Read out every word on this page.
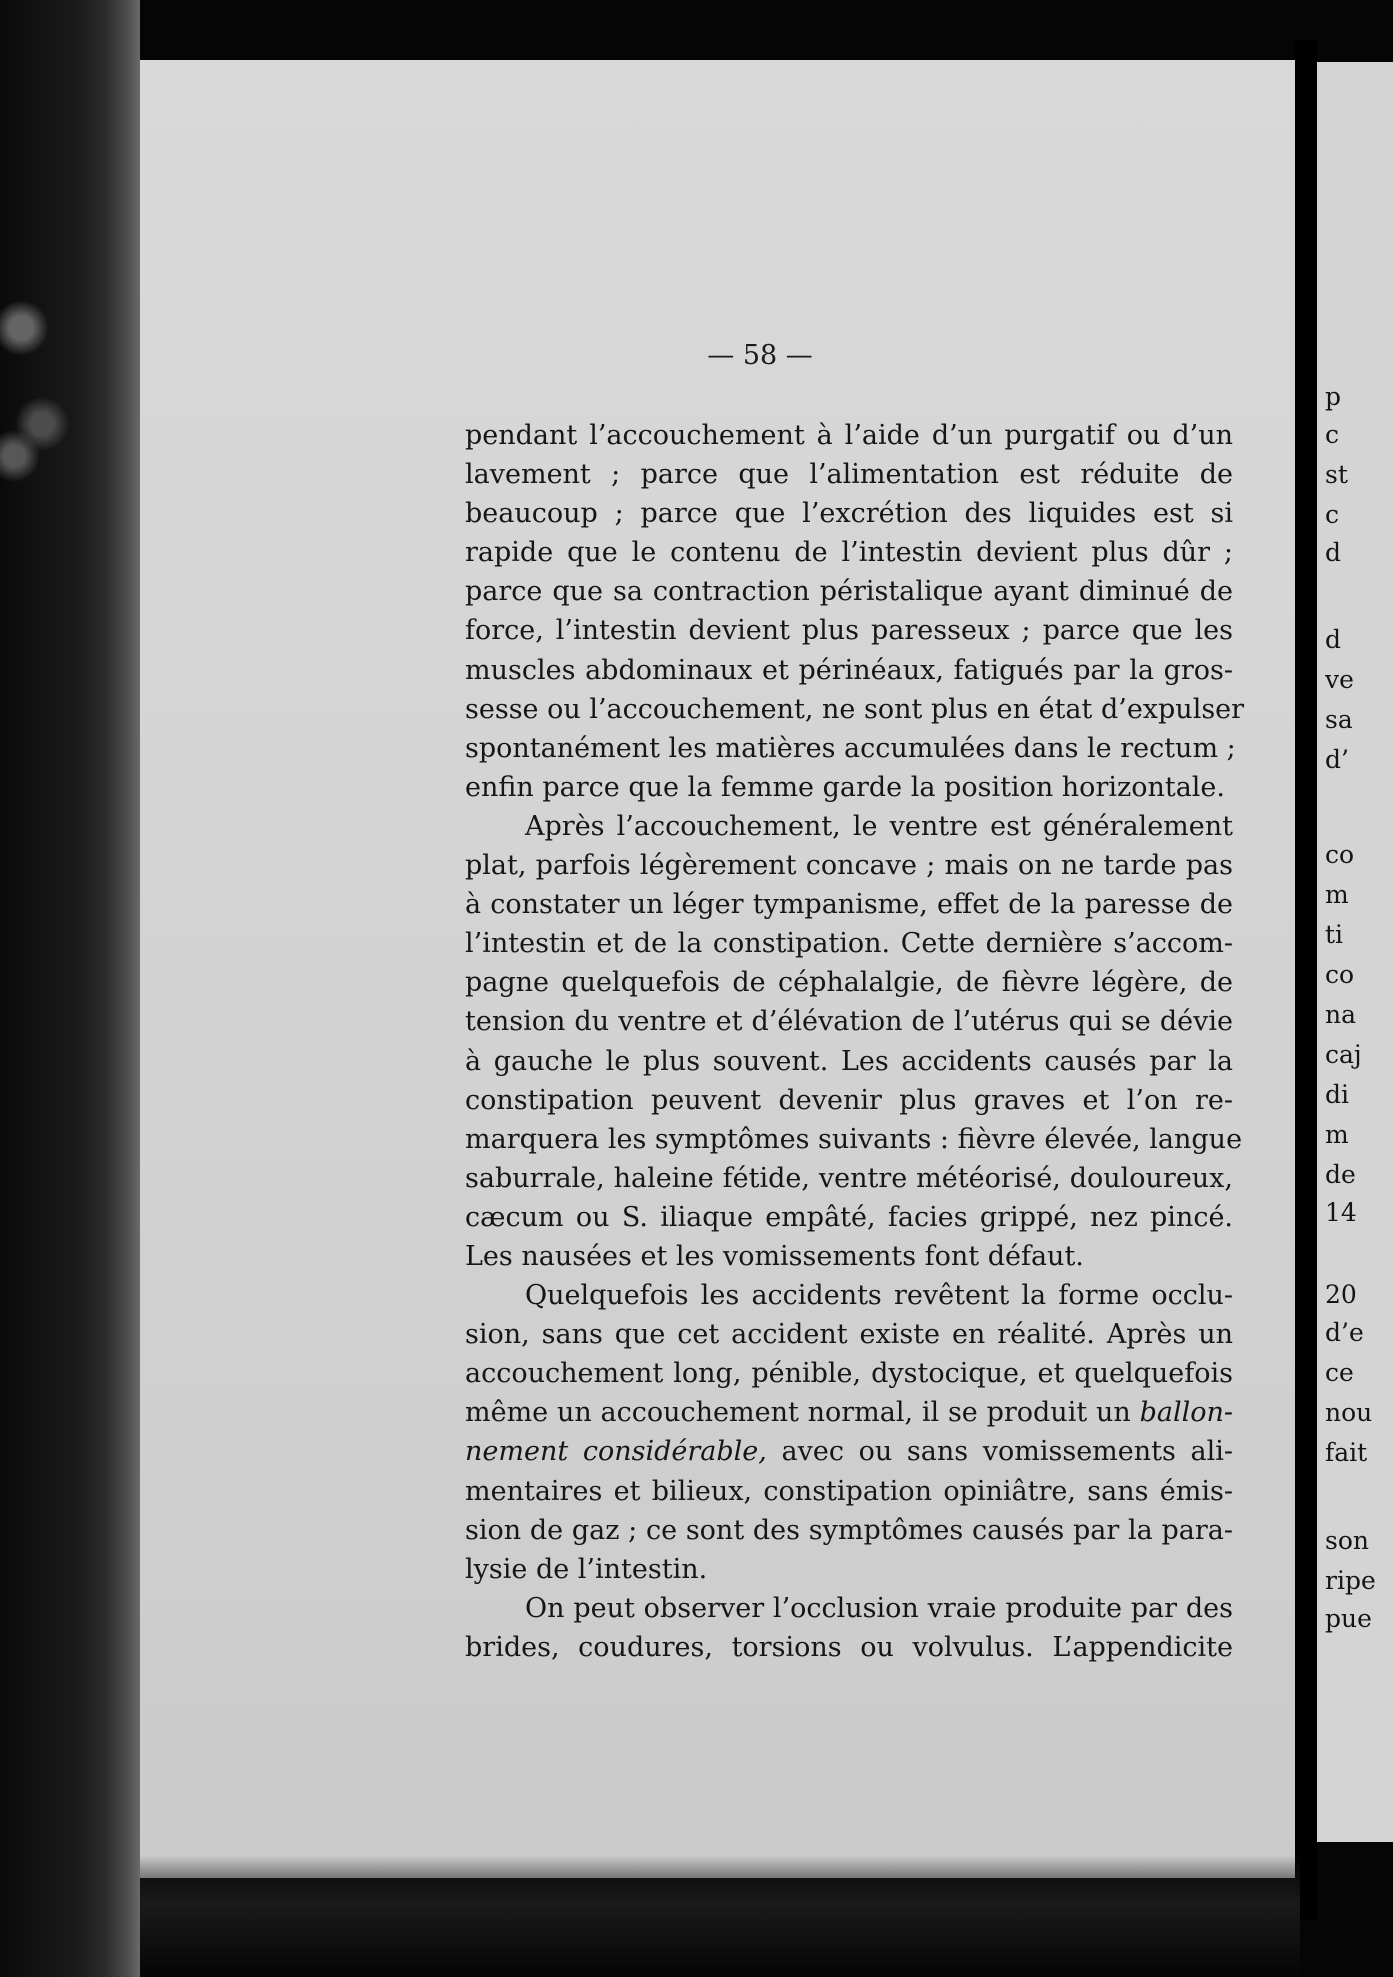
— 58 —
pendant l’accouchement à l’aide d’un purgatif ou d’un
lavement ; parce que l’alimentation est réduite de
beaucoup ; parce que l’excrétion des liquides est si
rapide que le contenu de l’intestin devient plus dûr ;
parce que sa contraction péristalique ayant diminué de
force, l’intestin devient plus paresseux ; parce que les
muscles abdominaux et périnéaux, fatigués par la gros-
sesse ou l’accouchement, ne sont plus en état d’expulser
spontanément les matières accumulées dans le rectum ;
enfin parce que la femme garde la position horizontale.
Après l’accouchement, le ventre est généralement
plat, parfois légèrement concave ; mais on ne tarde pas
à constater un léger tympanisme, effet de la paresse de
l’intestin et de la constipation. Cette dernière s’accom-
pagne quelquefois de céphalalgie, de fièvre légère, de
tension du ventre et d’élévation de l’utérus qui se dévie
à gauche le plus souvent. Les accidents causés par la
constipation peuvent devenir plus graves et l’on re-
marquera les symptômes suivants : fièvre élevée, langue
saburrale, haleine fétide, ventre météorisé, douloureux,
cæcum ou S. iliaque empâté, facies grippé, nez pincé.
Les nausées et les vomissements font défaut.
Quelquefois les accidents revêtent la forme occlu-
sion, sans que cet accident existe en réalité. Après un
accouchement long, pénible, dystocique, et quelquefois
même un accouchement normal, il se produit un ballon-
nement considérable, avec ou sans vomissements ali-
mentaires et bilieux, constipation opiniâtre, sans émis-
sion de gaz ; ce sont des symptômes causés par la para-
lysie de l’intestin.
On peut observer l’occlusion vraie produite par des
brides, coudures, torsions ou volvulus. L’appendicite
p
c
st
c
d
d
ve
sa
d’
co
m
ti
co
na
caj
di
m
de
14
20
d’e
ce
nou
fait
son
ripe
pue
